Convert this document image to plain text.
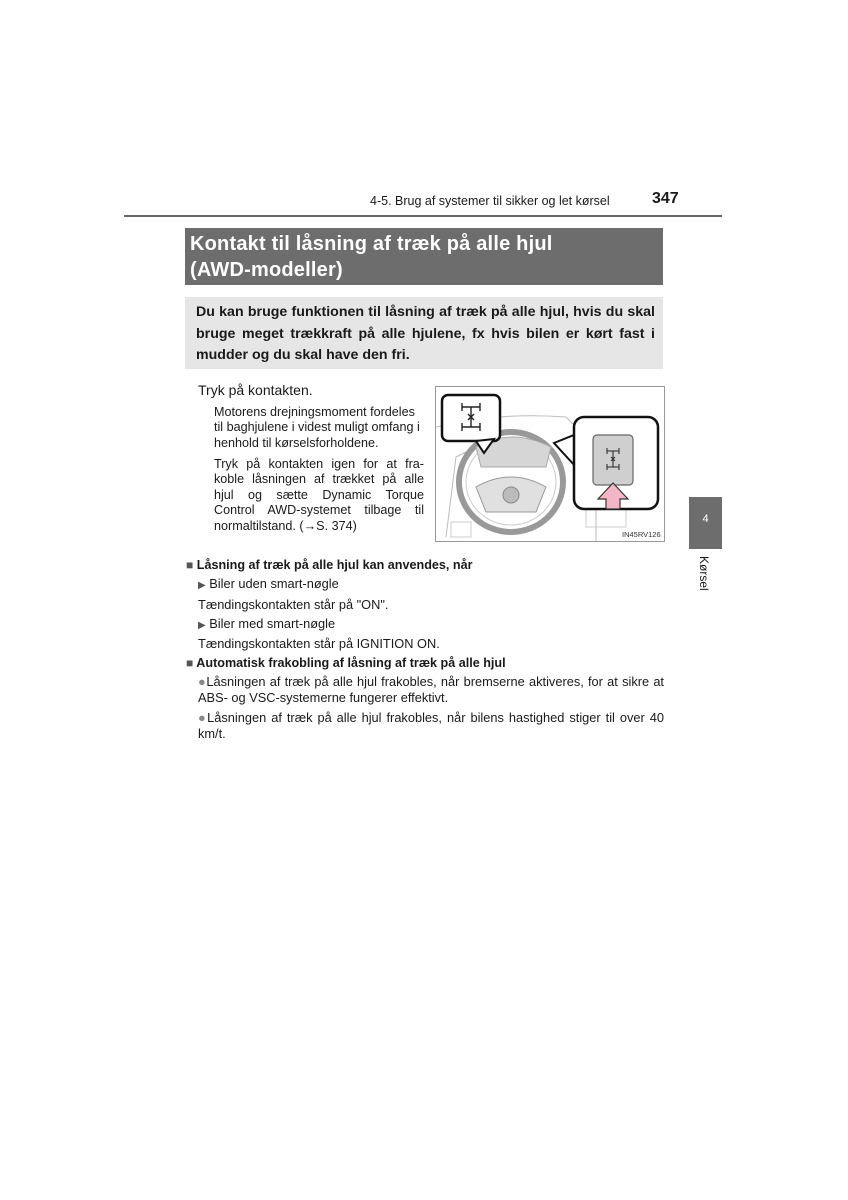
4-5. Brug af systemer til sikker og let kørsel	347

Kontakt til låsning af træk på alle hjul
(AWD-modeller)

Du kan bruge funktionen til låsning af træk på alle hjul, hvis du skal bruge meget trækkraft på alle hjulene, fx hvis bilen er kørt fast i mudder og du skal have den fri.

Tryk på kontakten.

Motorens drejningsmoment fordeles til baghjulene i videst muligt omfang i henhold til kørselsforholdene.

Tryk på kontakten igen for at fra-koble låsningen af trækket på alle hjul og sætte Dynamic Torque Control AWD-systemet tilbage til normaltilstand. (→S. 374)

IN45RV126
■ Låsning af træk på alle hjul kan anvendes, når
▶ Biler uden smart-nøgle
Tændingskontakten står på "ON".
▶ Biler med smart-nøgle
Tændingskontakten står på IGNITION ON.
■ Automatisk frakobling af låsning af træk på alle hjul

●Låsningen af træk på alle hjul frakobles, når bremserne aktiveres, for at sikre at ABS- og VSC-systemerne fungerer effektivt.

●Låsningen af træk på alle hjul frakobles, når bilens hastighed stiger til over 40 km/t.

4
Kørsel
